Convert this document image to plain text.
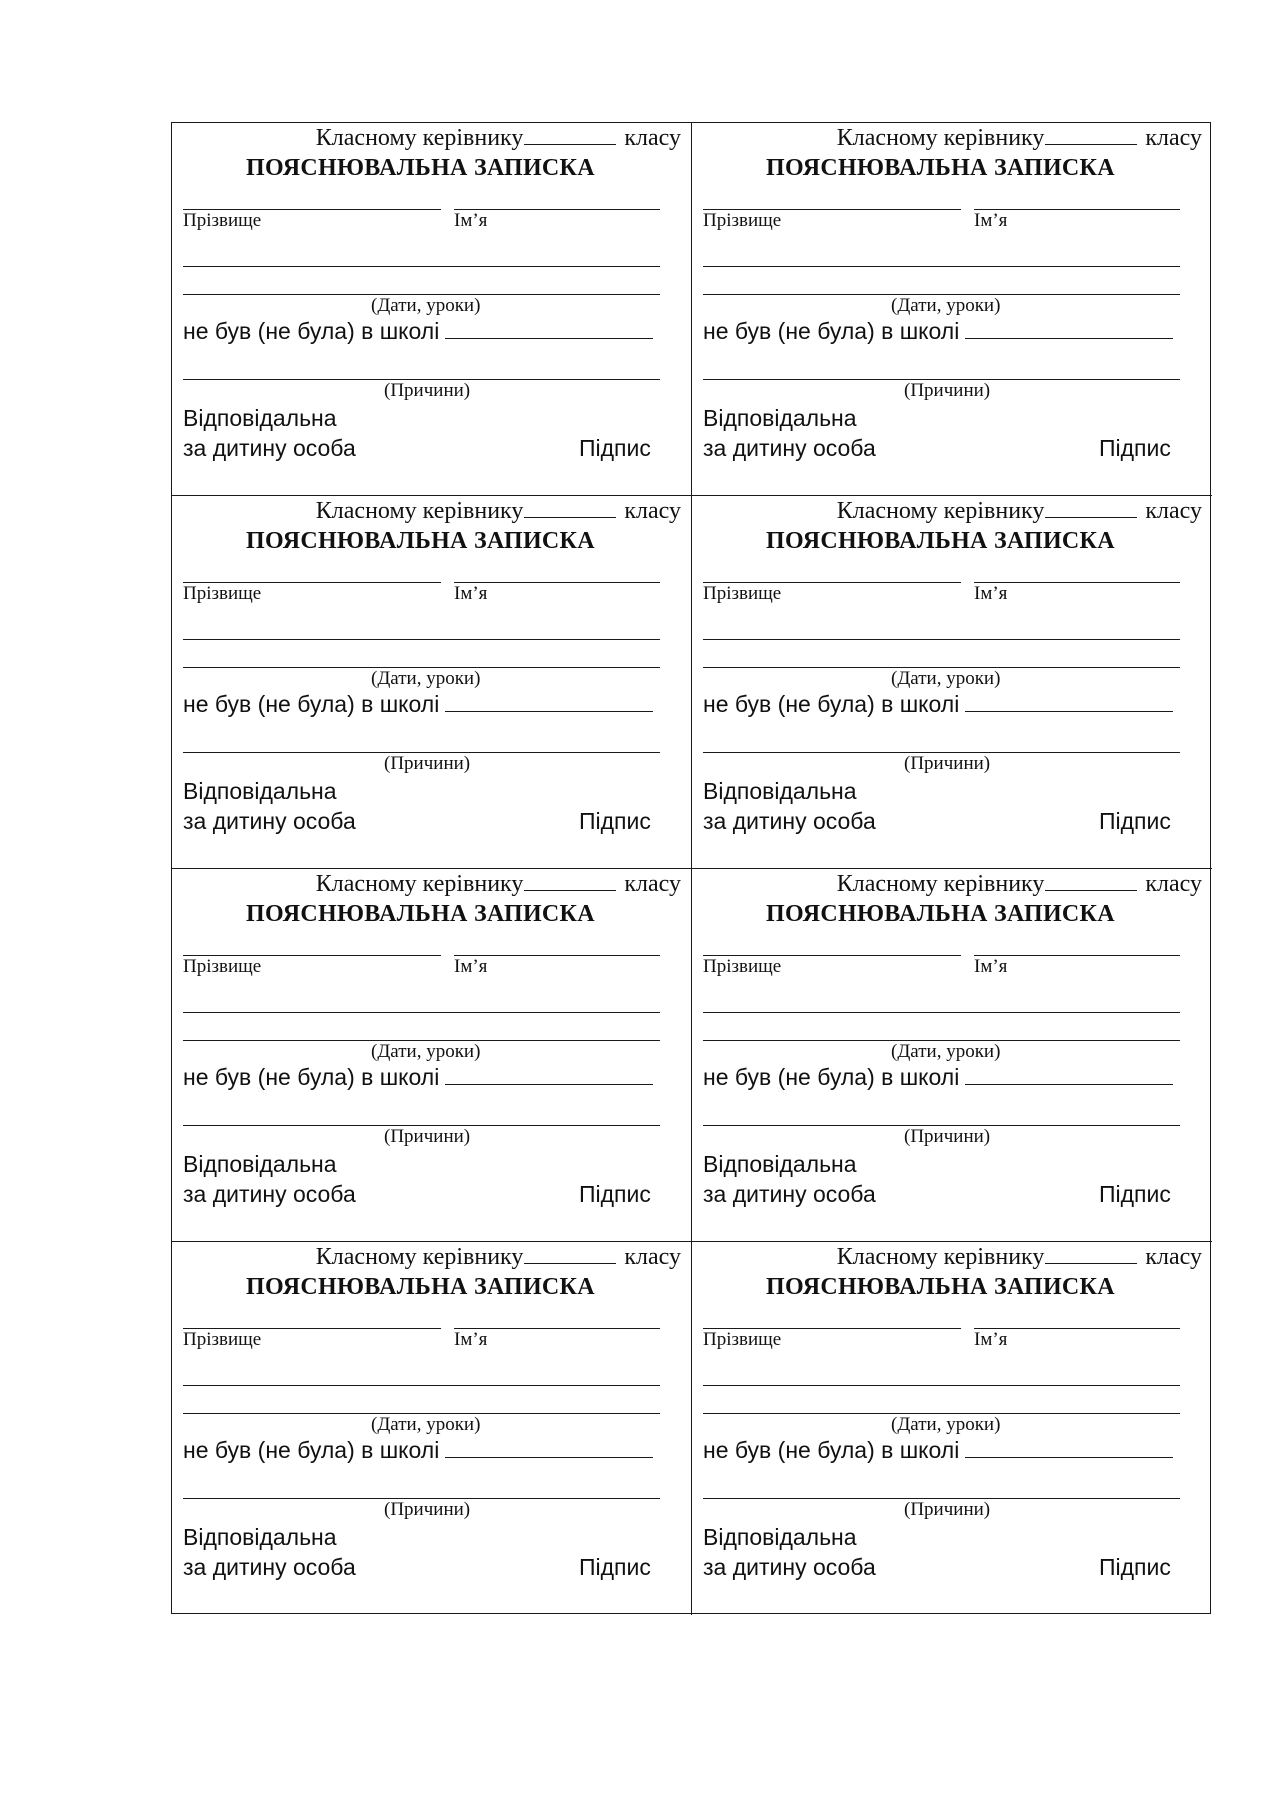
Класному керівнику	класу
ПОЯСНЮВАЛЬНА ЗАПИСКА
Прізвище	Ім’я
(Дати, уроки)
не був (не була) в школі
(Причини)
Відповідальна
за дитину особа	Підпис
Класному керівнику	класу
ПОЯСНЮВАЛЬНА ЗАПИСКА
Прізвище	Ім’я
(Дати, уроки)
не був (не була) в школі
(Причини)
Відповідальна
за дитину особа	Підпис
Класному керівнику	класу
ПОЯСНЮВАЛЬНА ЗАПИСКА
Прізвище	Ім’я
(Дати, уроки)
не був (не була) в школі
(Причини)
Відповідальна
за дитину особа	Підпис
Класному керівнику	класу
ПОЯСНЮВАЛЬНА ЗАПИСКА
Прізвище	Ім’я
(Дати, уроки)
не був (не була) в школі
(Причини)
Відповідальна
за дитину особа	Підпис
Класному керівнику	класу
ПОЯСНЮВАЛЬНА ЗАПИСКА
Прізвище	Ім’я
(Дати, уроки)
не був (не була) в школі
(Причини)
Відповідальна
за дитину особа	Підпис
Класному керівнику	класу
ПОЯСНЮВАЛЬНА ЗАПИСКА
Прізвище	Ім’я
(Дати, уроки)
не був (не була) в школі
(Причини)
Відповідальна
за дитину особа	Підпис
Класному керівнику	класу
ПОЯСНЮВАЛЬНА ЗАПИСКА
Прізвище	Ім’я
(Дати, уроки)
не був (не була) в школі
(Причини)
Відповідальна
за дитину особа	Підпис
Класному керівнику	класу
ПОЯСНЮВАЛЬНА ЗАПИСКА
Прізвище	Ім’я
(Дати, уроки)
не був (не була) в школі
(Причини)
Відповідальна
за дитину особа	Підпис
